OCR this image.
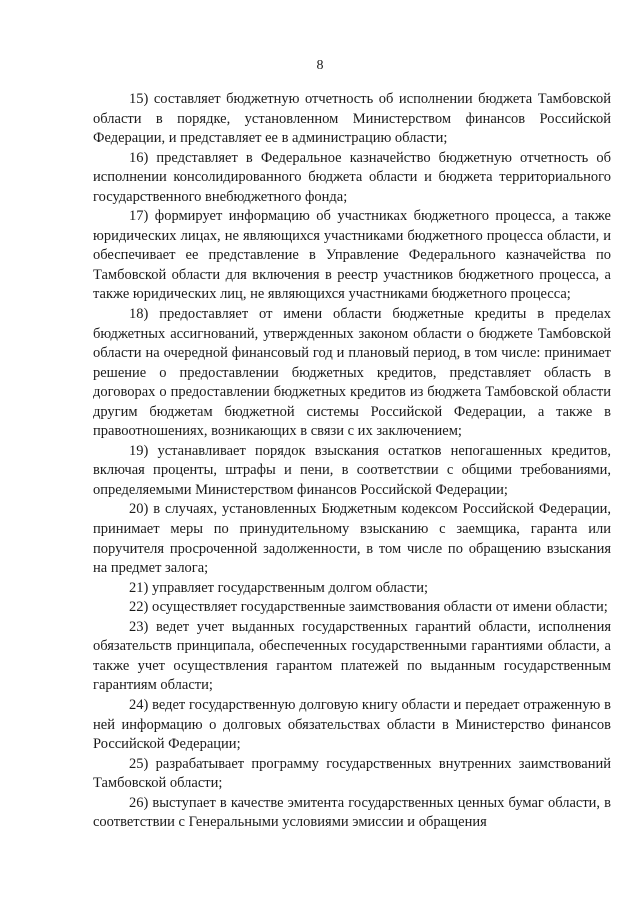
8

15) составляет бюджетную отчетность об исполнении бюджета Тамбовской области в порядке, установленном Министерством финансов Российской Федерации, и представляет ее в администрацию области;

16) представляет в Федеральное казначейство бюджетную отчетность об исполнении консолидированного бюджета области и бюджета территориального государственного внебюджетного фонда;

17) формирует информацию об участниках бюджетного процесса, а также юридических лицах, не являющихся участниками бюджетного процесса области, и обеспечивает ее представление в Управление Федерального казначейства по Тамбовской области для включения в реестр участников бюджетного процесса, а также юридических лиц, не являющихся участниками бюджетного процесса;

18) предоставляет от имени области бюджетные кредиты в пределах бюджетных ассигнований, утвержденных законом области о бюджете Тамбовской области на очередной финансовый год и плановый период, в том числе: принимает решение о предоставлении бюджетных кредитов, представляет область в договорах о предоставлении бюджетных кредитов из бюджета Тамбовской области другим бюджетам бюджетной системы Российской Федерации, а также в правоотношениях, возникающих в связи с их заключением;

19) устанавливает порядок взыскания остатков непогашенных кредитов, включая проценты, штрафы и пени, в соответствии с общими требованиями, определяемыми Министерством финансов Российской Федерации;

20) в случаях, установленных Бюджетным кодексом Российской Федерации, принимает меры по принудительному взысканию с заемщика, гаранта или поручителя просроченной задолженности, в том числе по обращению взыскания на предмет залога;

21) управляет государственным долгом области;

22) осуществляет государственные заимствования области от имени области;

23) ведет учет выданных государственных гарантий области, исполнения обязательств принципала, обеспеченных государственными гарантиями области, а также учет осуществления гарантом платежей по выданным государственным гарантиям области;

24) ведет государственную долговую книгу области и передает отраженную в ней информацию о долговых обязательствах области в Министерство финансов Российской Федерации;

25) разрабатывает программу государственных внутренних заимствований Тамбовской области;

26) выступает в качестве эмитента государственных ценных бумаг области, в соответствии с Генеральными условиями эмиссии и обращения
